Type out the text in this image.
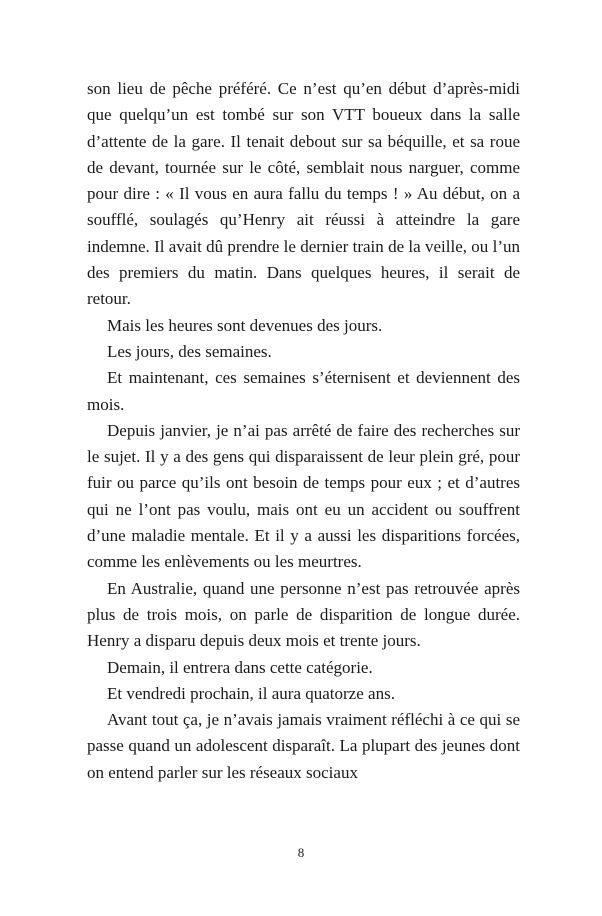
son lieu de pêche préféré. Ce n’est qu’en début d’après-midi que quelqu’un est tombé sur son VTT boueux dans la salle d’attente de la gare. Il tenait debout sur sa béquille, et sa roue de devant, tournée sur le côté, semblait nous narguer, comme pour dire : « Il vous en aura fallu du temps ! » Au début, on a soufflé, soulagés qu’Henry ait réussi à atteindre la gare indemne. Il avait dû prendre le dernier train de la veille, ou l’un des premiers du matin. Dans quelques heures, il serait de retour.

Mais les heures sont devenues des jours.

Les jours, des semaines.

Et maintenant, ces semaines s’éternisent et deviennent des mois.

Depuis janvier, je n’ai pas arrêté de faire des recherches sur le sujet. Il y a des gens qui disparaissent de leur plein gré, pour fuir ou parce qu’ils ont besoin de temps pour eux ; et d’autres qui ne l’ont pas voulu, mais ont eu un accident ou souffrent d’une maladie mentale. Et il y a aussi les disparitions forcées, comme les enlèvements ou les meurtres.

En Australie, quand une personne n’est pas retrouvée après plus de trois mois, on parle de disparition de longue durée. Henry a disparu depuis deux mois et trente jours.

Demain, il entrera dans cette catégorie.

Et vendredi prochain, il aura quatorze ans.

Avant tout ça, je n’avais jamais vraiment réfléchi à ce qui se passe quand un adolescent disparaît. La plupart des jeunes dont on entend parler sur les réseaux sociaux

8
